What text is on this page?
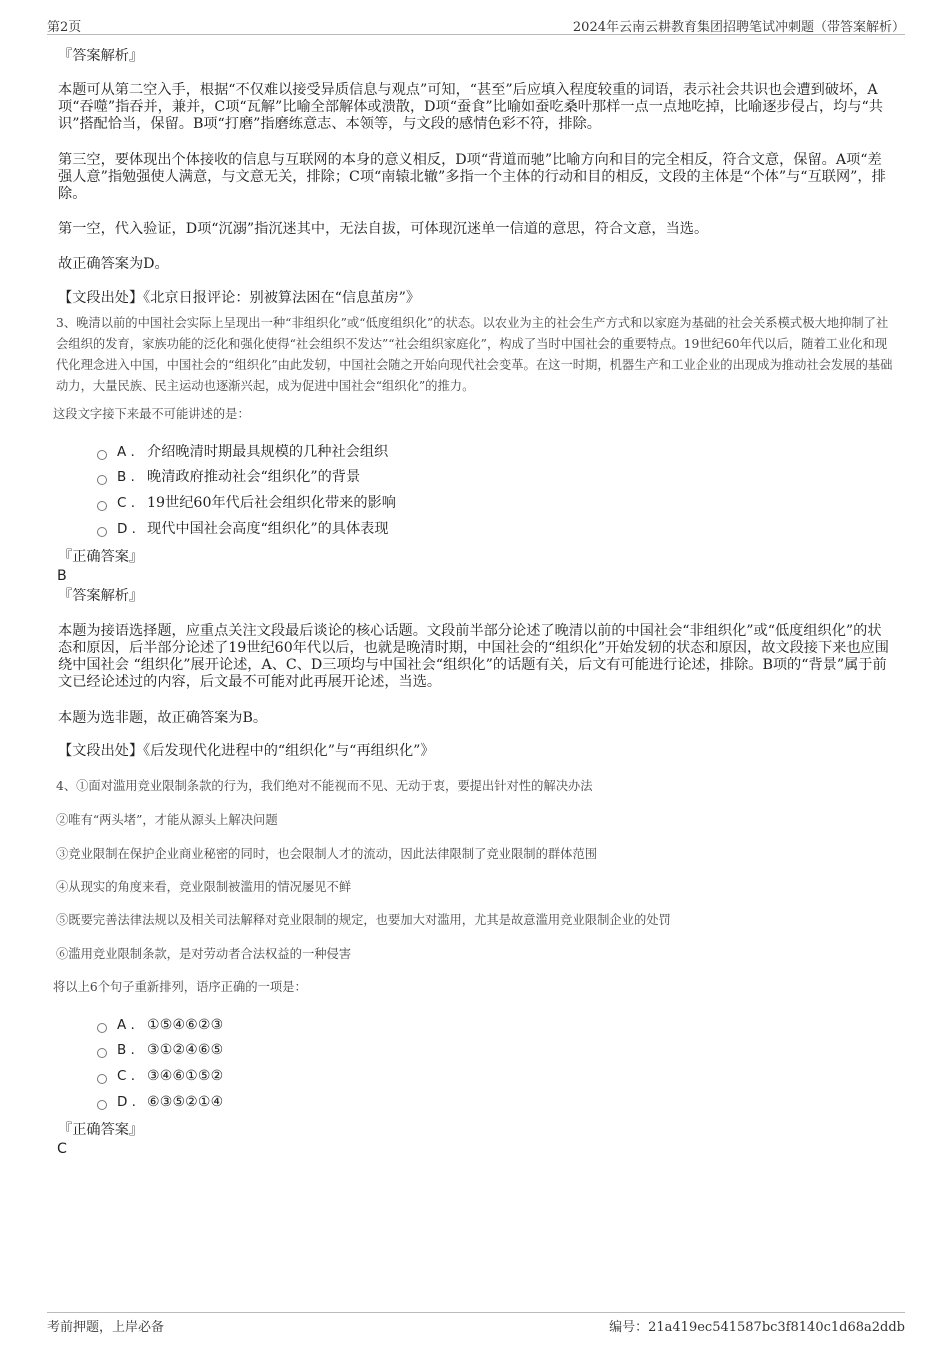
第2页	2024年云南云耕教育集团招聘笔试冲刺题（带答案解析）
『答案解析』
本题可从第二空入手，根据“不仅难以接受异质信息与观点”可知，“甚至”后应填入程度较重的词语，表示社会共识也会遭到破坏，A项“吞噬”指吞并，兼并，C项“瓦解”比喻全部解体或溃散，D项“蚕食”比喻如蚕吃桑叶那样一点一点地吃掉，比喻逐步侵占，均与“共识”搭配恰当，保留。B项“打磨”指磨练意志、本领等，与文段的感情色彩不符，排除。
第三空，要体现出个体接收的信息与互联网的本身的意义相反，D项“背道而驰”比喻方向和目的完全相反，符合文意，保留。A项“差强人意”指勉强使人满意，与文意无关，排除；C项“南辕北辙”多指一个主体的行动和目的相反，文段的主体是“个体”与“互联网”，排除。
第一空，代入验证，D项“沉溺”指沉迷其中，无法自拔，可体现沉迷单一信道的意思，符合文意，当选。
故正确答案为D。
【文段出处】《北京日报评论：别被算法困在“信息茧房”》
3、晚清以前的中国社会实际上呈现出一种“非组织化”或“低度组织化”的状态。以农业为主的社会生产方式和以家庭为基础的社会关系模式极大地抑制了社会组织的发育，家族功能的泛化和强化使得“社会组织不发达”“社会组织家庭化”，构成了当时中国社会的重要特点。19世纪60年代以后，随着工业化和现代化理念进入中国，中国社会的“组织化”由此发轫，中国社会随之开始向现代社会变革。在这一时期，机器生产和工业企业的出现成为推动社会发展的基础动力，大量民族、民主运动也逐渐兴起，成为促进中国社会“组织化”的推力。
这段文字接下来最不可能讲述的是：
A . 介绍晚清时期最具规模的几种社会组织
B . 晚清政府推动社会“组织化”的背景
C . 19世纪60年代后社会组织化带来的影响
D . 现代中国社会高度“组织化”的具体表现
『正确答案』
B
『答案解析』
本题为接语选择题，应重点关注文段最后谈论的核心话题。文段前半部分论述了晚清以前的中国社会“非组织化”或“低度组织化”的状态和原因，后半部分论述了19世纪60年代以后，也就是晚清时期，中国社会的“组织化”开始发轫的状态和原因，故文段接下来也应围绕中国社会 “组织化”展开论述，A、C、D三项均与中国社会“组织化”的话题有关，后文有可能进行论述，排除。B项的“背景”属于前文已经论述过的内容，后文最不可能对此再展开论述，当选。
本题为选非题，故正确答案为B。
【文段出处】《后发现代化进程中的“组织化”与“再组织化”》
4、①面对滥用竞业限制条款的行为，我们绝对不能视而不见、无动于衷，要提出针对性的解决办法
②唯有“两头堵”，才能从源头上解决问题
③竞业限制在保护企业商业秘密的同时，也会限制人才的流动，因此法律限制了竞业限制的群体范围
④从现实的角度来看，竞业限制被滥用的情况屡见不鲜
⑤既要完善法律法规以及相关司法解释对竞业限制的规定，也要加大对滥用，尤其是故意滥用竞业限制企业的处罚
⑥滥用竞业限制条款，是对劳动者合法权益的一种侵害
将以上6个句子重新排列，语序正确的一项是：
A . ①⑤④⑥②③
B . ③①②④⑥⑤
C . ③④⑥①⑤②
D . ⑥③⑤②①④
『正确答案』
C
考前押题，上岸必备	编号：21a419ec541587bc3f8140c1d68a2ddb
